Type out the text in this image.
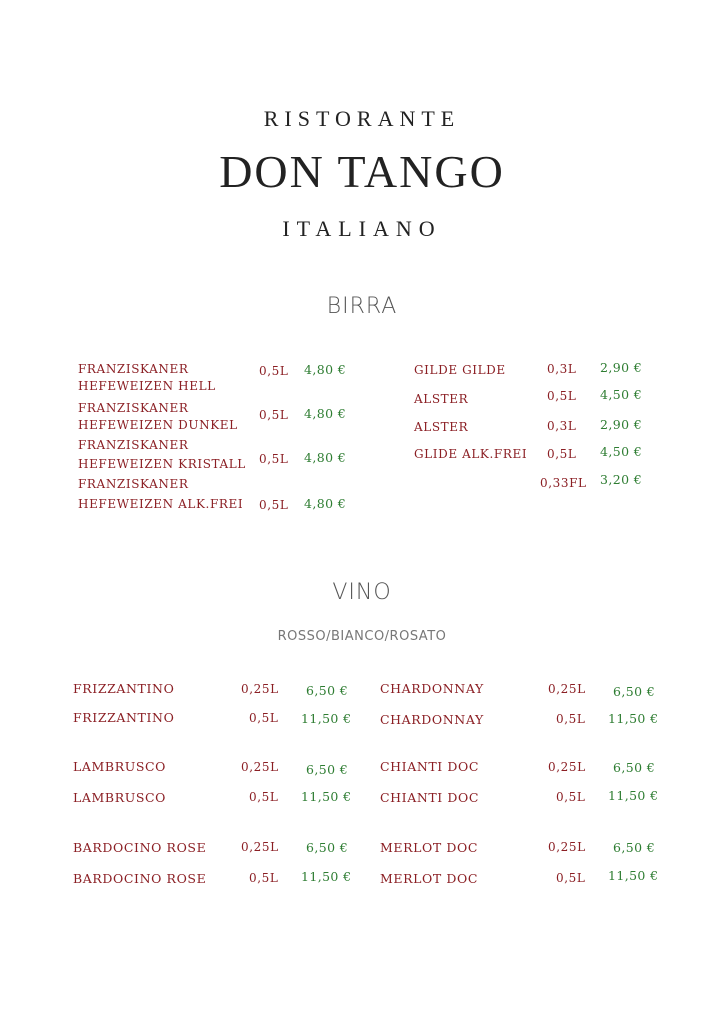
RISTORANTE
DON TANGO
ITALIANO
BIRRA
FRANZISKANER
HEFEWEIZEN HELL
0,5L 4,80 €
FRANZISKANER
HEFEWEIZEN DUNKEL
0,5L 4,80 €
FRANZISKANER
HEFEWEIZEN KRISTALL 0,5L 4,80 €
FRANZISKANER
HEFEWEIZEN ALK.FREI 0,5L 4,80 €
GILDE GILDE	0,3L 2,90 €
ALSTER	0,5L 4,50 €
ALSTER	0,3L 2,90 €
GLIDE ALK.FREI 0,5L 4,50 €
0,33FL 3,20 €
VINO
ROSSO/BIANCO/ROSATO
FRIZZANTINO	0,25L 6,50 €
FRIZZANTINO	0,5L 11,50 €
LAMBRUSCO	0,25L 6,50 €
LAMBRUSCO	0,5L 11,50 €
BARDOCINO ROSE	0,25L 6,50 €
BARDOCINO ROSE	0,5L 11,50 €
CHARDONNAY	0,25L 6,50 €
CHARDONNAY	0,5L 11,50 €
CHIANTI DOC	0,25L 6,50 €
CHIANTI DOC	0,5L 11,50 €
MERLOT DOC	0,25L 6,50 €
MERLOT DOC	0,5L 11,50 €
